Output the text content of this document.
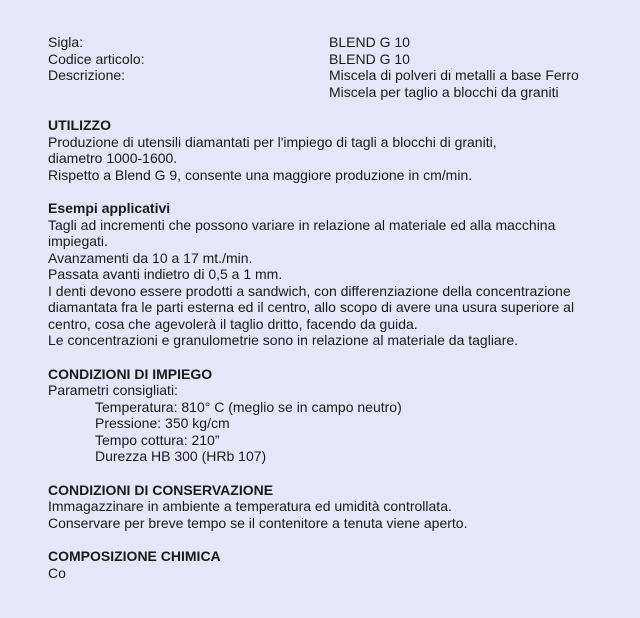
Sigla:	BLEND G 10
Codice articolo:	BLEND G 10
Descrizione:	Miscela di polveri di metalli a base Ferro
Miscela per taglio a blocchi da graniti

UTILIZZO

Produzione di utensili diamantati per l'impiego di tagli a blocchi di graniti,

diametro 1000-1600.

Rispetto a Blend G 9, consente una maggiore produzione in cm/min.

Esempi applicativi

Tagli ad incrementi che possono variare in relazione al materiale ed alla macchina

impiegati.

Avanzamenti da 10 a 17 mt./min.

Passata avanti indietro di 0,5 a 1 mm.

I denti devono essere prodotti a sandwich, con differenziazione della concentrazione

diamantata fra le parti esterna ed il centro, allo scopo di avere una usura superiore al

centro, cosa che agevolerà il taglio dritto, facendo da guida.

Le concentrazioni e granulometrie sono in relazione al materiale da tagliare.

CONDIZIONI DI IMPIEGO

Parametri consigliati:

Temperatura: 810° C (meglio se in campo neutro)

Pressione: 350 kg/cm

Tempo cottura: 210”

Durezza HB 300 (HRb 107)

CONDIZIONI DI CONSERVAZIONE

Immagazzinare in ambiente a temperatura ed umidità controllata.

Conservare per breve tempo se il contenitore a tenuta viene aperto.

COMPOSIZIONE CHIMICA

Co
